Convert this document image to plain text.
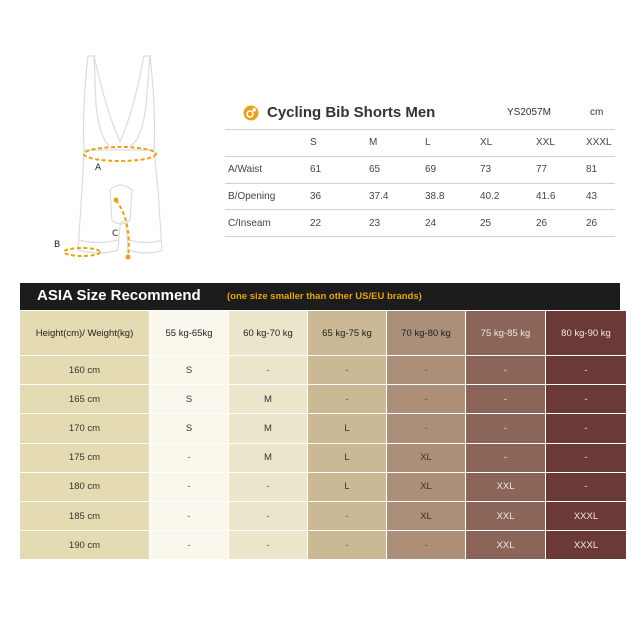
A
B
C
Cycling Bib Shorts Men	YS2057M	cm
	S	M	L	XL	XXL	XXXL
A/Waist	61	65	69	73	77	81
B/Opening	36	37.4	38.8	40.2	41.6	43
C/Inseam	22	23	24	25	26	26
ASIA Size Recommend	(one size smaller than other US/EU brands)
Height(cm)/ Weight(kg)	55 kg-65kg	60 kg-70 kg	65 kg-75 kg	70 kg-80 kg	75 kg-85 kg	80 kg-90 kg
160 cm	S	-	-	-	-	-
165 cm	S	M	-	-	-	-
170 cm	S	M	L	-	-	-
175 cm	-	M	L	XL	-	-
180 cm	-	-	L	XL	XXL	-
185 cm	-	-	-	XL	XXL	XXXL
190 cm	-	-	-	-	XXL	XXXL
